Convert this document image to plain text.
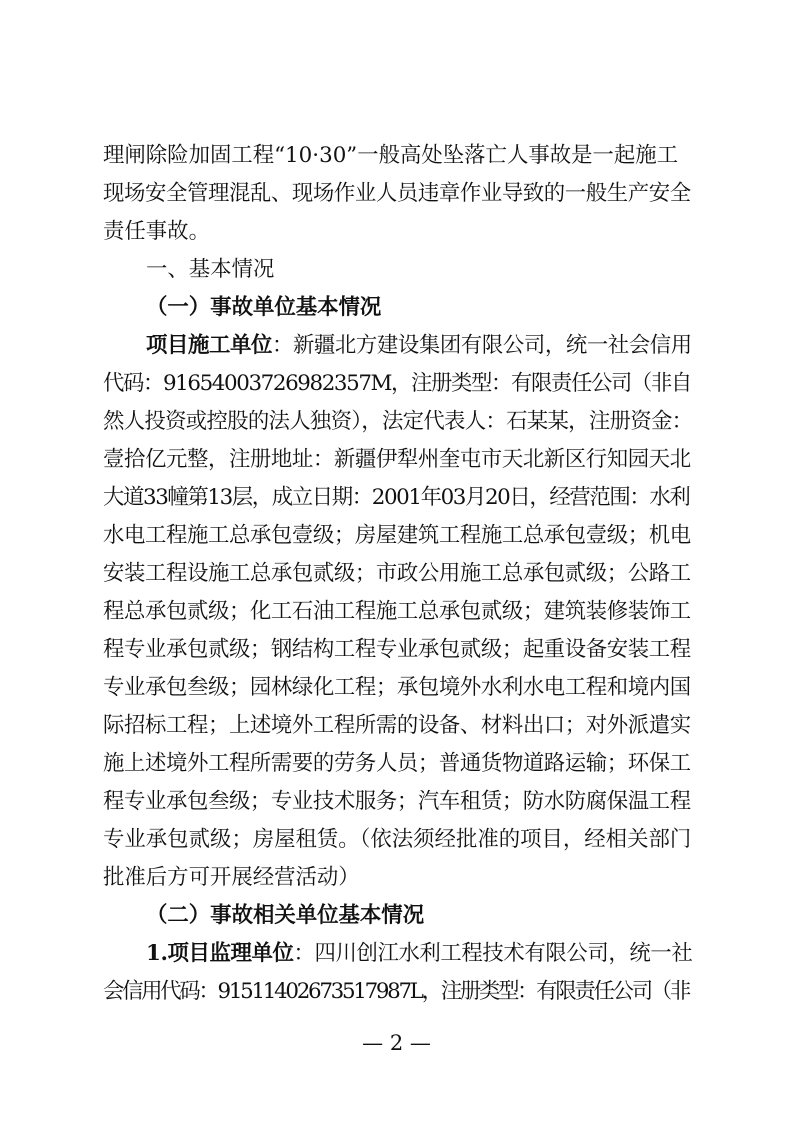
理闸除险加固工程“10·30”一般高处坠落亡人事故是一起施工
现场安全管理混乱、现场作业人员违章作业导致的一般生产安全
责任事故。
一、基本情况
（一）事故单位基本情况
项目施工单位 ：新疆北方建设集团有限公司，统一社会信用
代码：91654003726982357M，注册类型：有限责任公司（非自
然人投资或控股的法人独资），法定代表人：石某某，注册资金：
壹拾亿元整，注册地址：新疆伊犁州奎屯市天北新区行知园天北
大道33幢第13层，成立日期：2001年03月20日，经营范围：水利
水电工程施工总承包壹级；房屋建筑工程施工总承包壹级；机电
安装工程设施工总承包贰级；市政公用施工总承包贰级；公路工
程总承包贰级；化工石油工程施工总承包贰级；建筑装修装饰工
程专业承包贰级；钢结构工程专业承包贰级；起重设备安装工程
专业承包叁级；园林绿化工程；承包境外水利水电工程和境内国
际招标工程；上述境外工程所需的设备、材料出口；对外派遣实
施上述境外工程所需要的劳务人员；普通货物道路运输；环保工
程专业承包叁级；专业技术服务；汽车租赁；防水防腐保温工程
专业承包贰级；房屋租赁。（依法须经批准的项目，经相关部门
批准后方可开展经营活动）
（二）事故相关单位基本情况
1.项目监理单位 ：四川创江水利工程技术有限公司，统一社
会信用代码：91511402673517987L，注册类型：有限责任公司（非
— 2 —
